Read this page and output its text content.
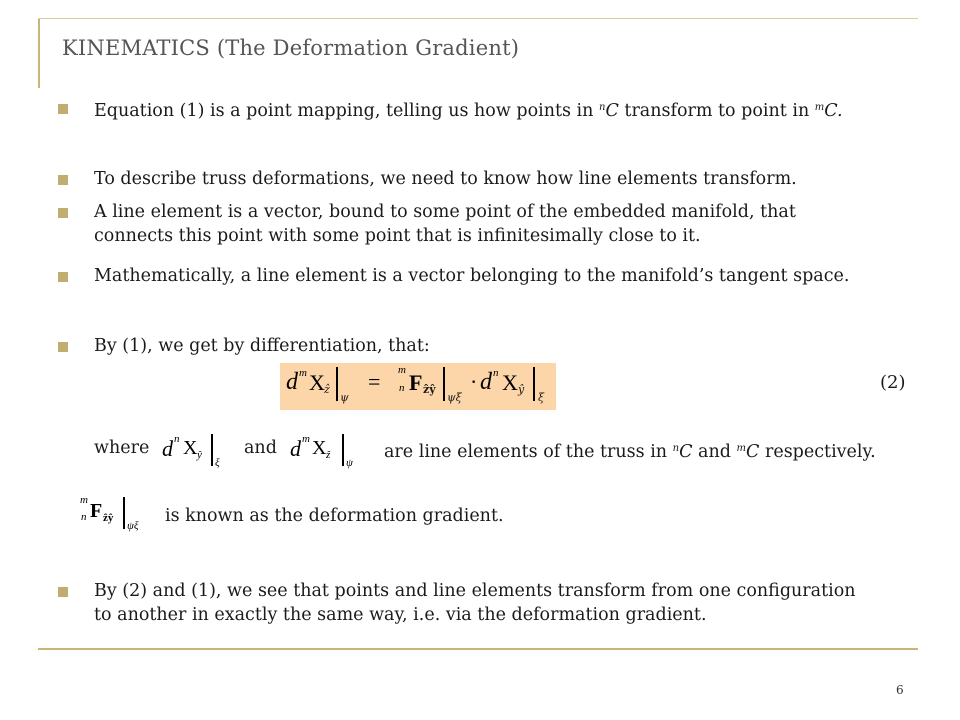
KINEMATICS (The Deformation Gradient)
Equation (1) is a point mapping, telling us how points in $^n$C transform to point in $^m$C.
To describe truss deformations, we need to know how line elements transform.
A line element is a vector, bound to some point of the embedded manifold, that
connects this point with some point that is infinitesimally close to it.
Mathematically, a line element is a vector belonging to the manifold’s tangent space.
By (1), we get by differentiation, that:
d m X ẑ
ψ
= m
n F ẑŷ
ψξ
· d n X ŷ
ξ
(2)
where d n X ŷ
ξ
and d m X ẑ
ψ
are line elements of the truss in $^n$C and $^m$C respectively.
m
n F ẑŷ
ψξ is known as the deformation gradient.
By (2) and (1), we see that points and line elements transform from one configuration
to another in exactly the same way, i.e. via the deformation gradient.
6
